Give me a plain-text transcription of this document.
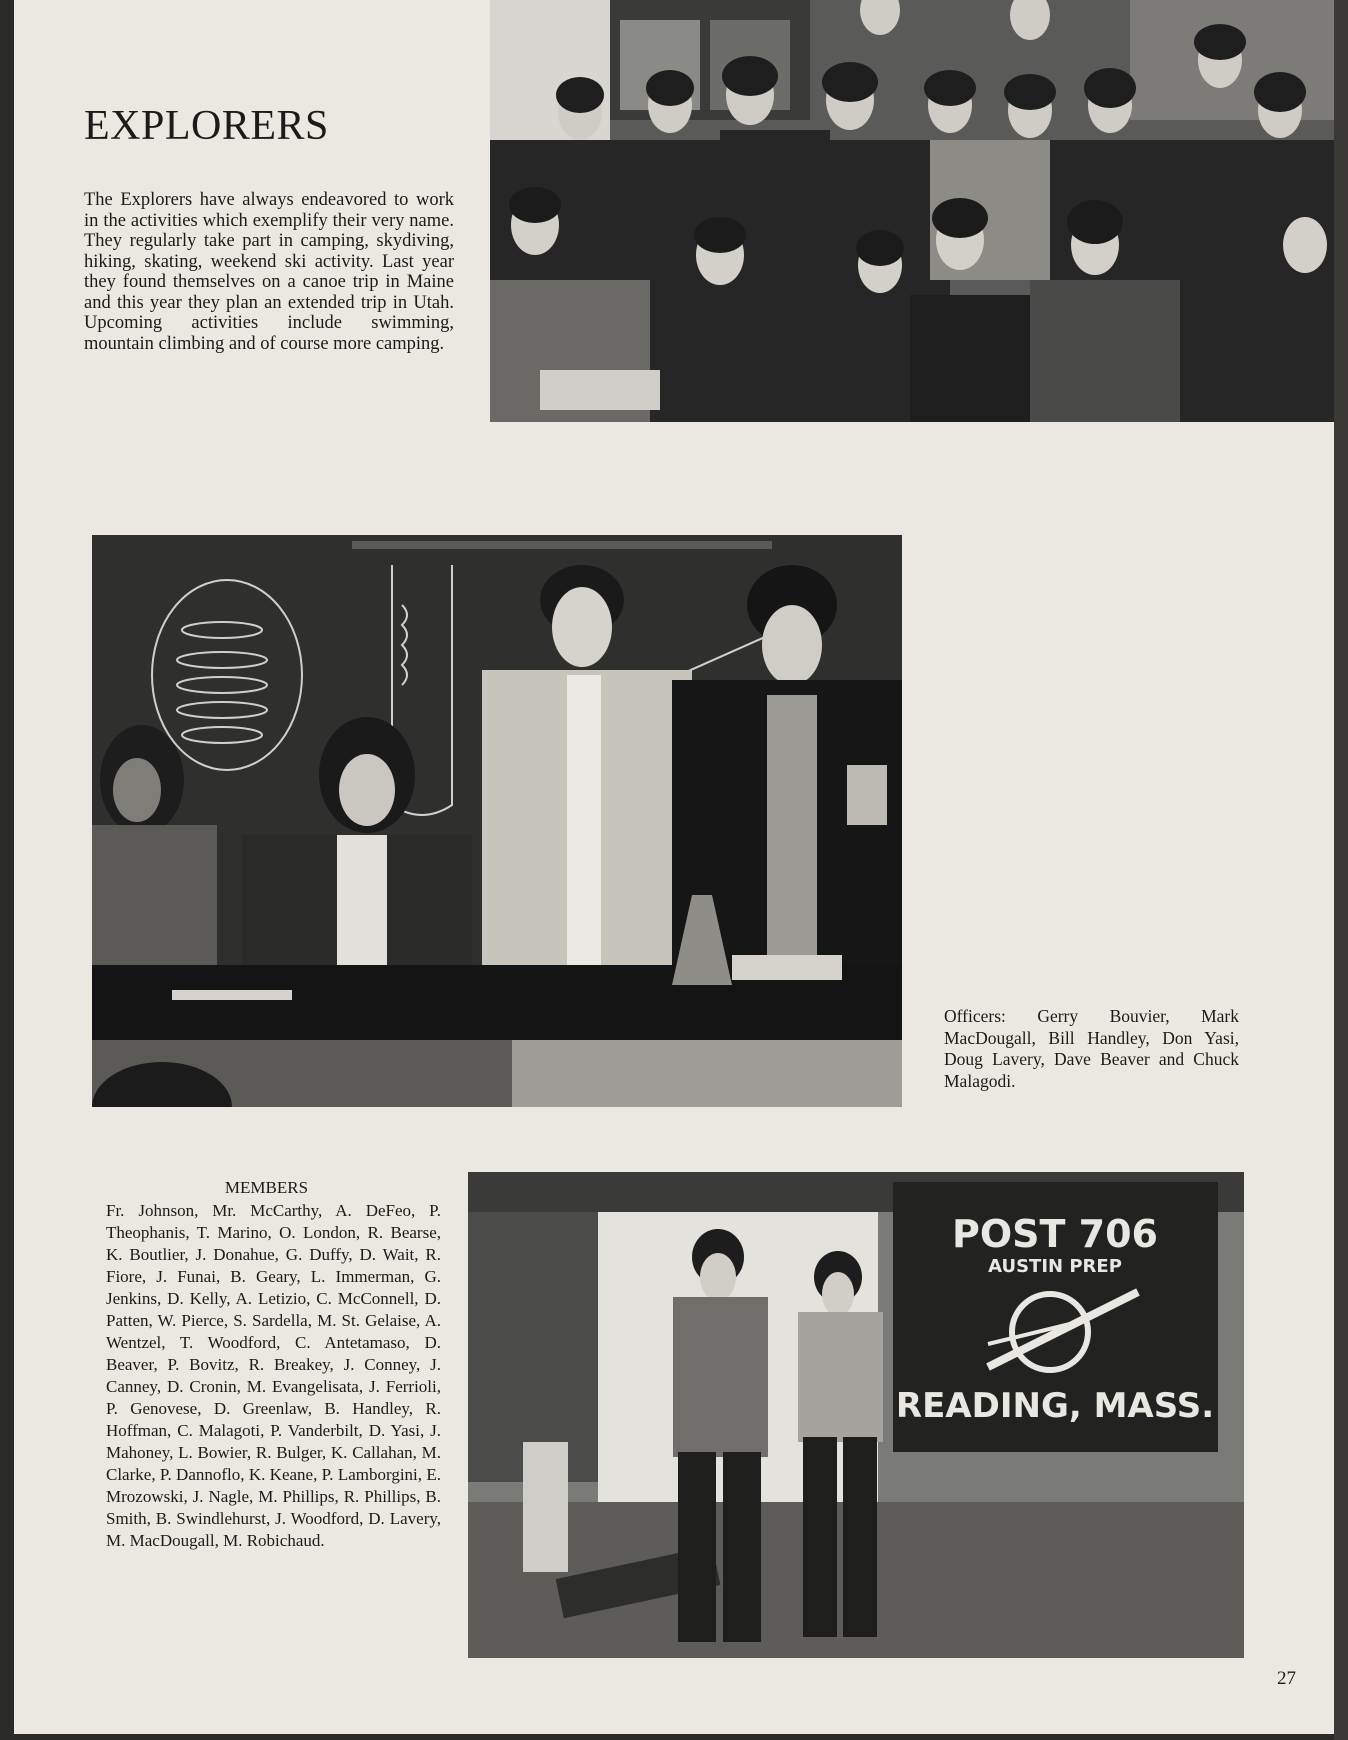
EXPLORERS

The Explorers have always endeavored to work in the activities which exemplify their very name. They regularly take part in camping, skydiving, hiking, skating, weekend ski activity. Last year they found themselves on a canoe trip in Maine and this year they plan an extended trip in Utah. Upcoming activities include swimming, mountain climbing and of course more camping.

Officers: Gerry Bouvier, Mark MacDougall, Bill Handley, Don Yasi, Doug Lavery, Dave Beaver and Chuck Malagodi.

MEMBERS

Fr. Johnson, Mr. McCarthy, A. DeFeo, P. Theophanis, T. Marino, O. London, R. Bearse, K. Boutlier, J. Donahue, G. Duffy, D. Wait, R. Fiore, J. Funai, B. Geary, L. Immerman, G. Jenkins, D. Kelly, A. Letizio, C. McConnell, D. Patten, W. Pierce, S. Sardella, M. St. Gelaise, A. Wentzel, T. Woodford, C. Antetamaso, D. Beaver, P. Bovitz, R. Breakey, J. Conney, J. Canney, D. Cronin, M. Evangelisata, J. Ferrioli, P. Genovese, D. Greenlaw, B. Handley, R. Hoffman, C. Malagoti, P. Vanderbilt, D. Yasi, J. Mahoney, L. Bowier, R. Bulger, K. Callahan, M. Clarke, P. Dannoflo, K. Keane, P. Lamborgini, E. Mrozowski, J. Nagle, M. Phillips, R. Phillips, B. Smith, B. Swindlehurst, J. Woodford, D. Lavery, M. MacDougall, M. Robichaud.

POST 706
AUSTIN PREP
READING, MASS.

27
